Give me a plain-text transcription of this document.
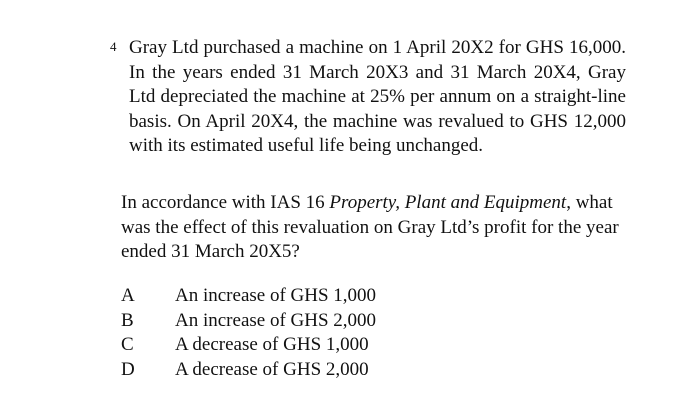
4 Gray Ltd purchased a machine on 1 April 20X2 for GHS 16,000. In the years ended 31 March 20X3 and 31 March 20X4, Gray Ltd depreciated the machine at 25% per annum on a straight-line basis. On April 20X4, the machine was revalued to GHS 12,000 with its estimated useful life being unchanged.

In accordance with IAS 16 Property, Plant and Equipment, what was the effect of this revaluation on Gray Ltd’s profit for the year ended 31 March 20X5?

A	An increase of GHS 1,000
B	An increase of GHS 2,000
C	A decrease of GHS 1,000
D	A decrease of GHS 2,000
